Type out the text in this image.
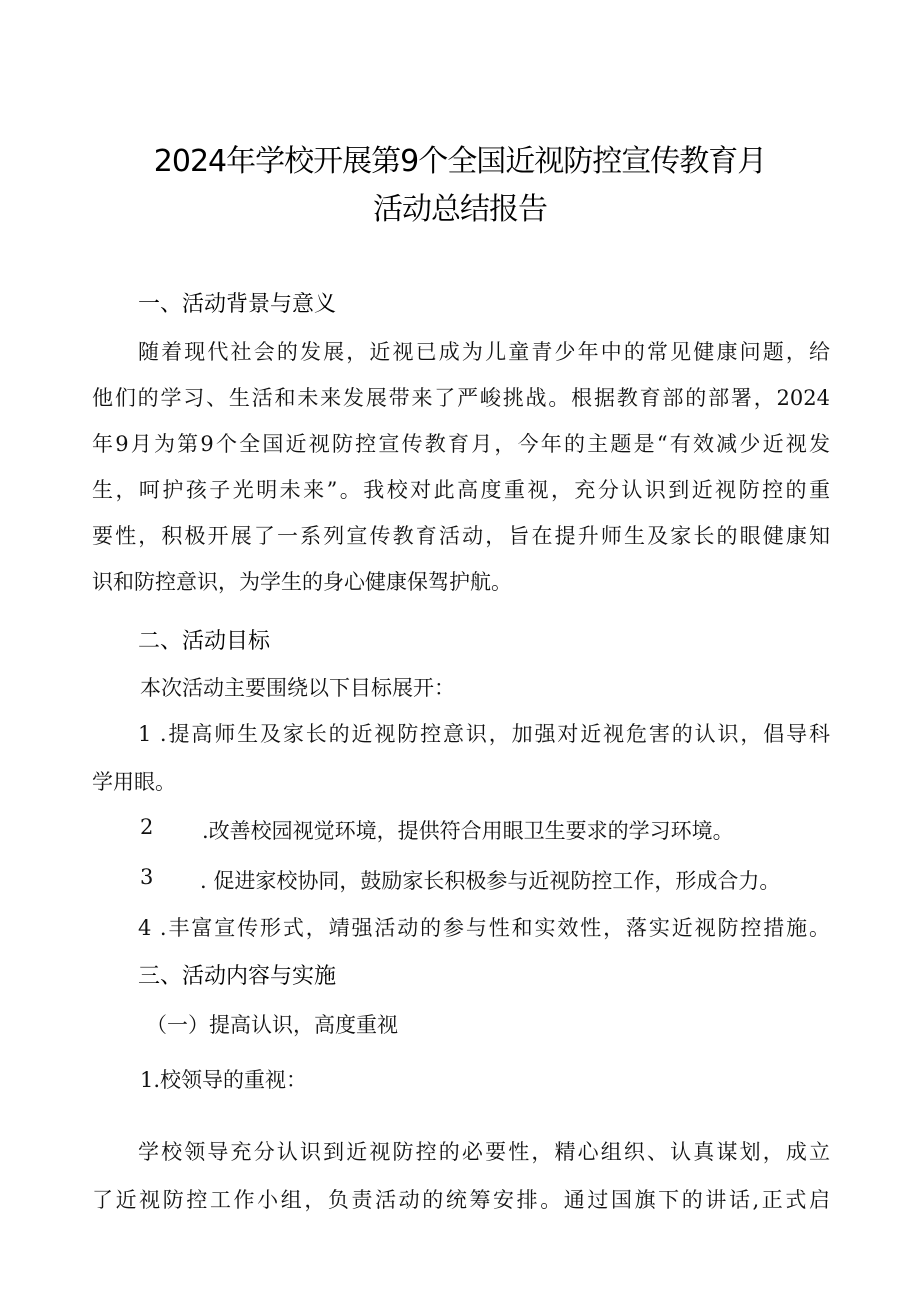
2024年学校开展第9个全国近视防控宣传教育月
活动总结报告
一、活动背景与意义
随着现代社会的发展，近视已成为儿童青少年中的常见健康问题，给
他们的学习、生活和未来发展带来了严峻挑战。根据教育部的部署，2024
年9月为第9个全国近视防控宣传教育月，今年的主题是“有效减少近视发
生，呵护孩子光明未来”。我校对此高度重视，充分认识到近视防控的重
要性，积极开展了一系列宣传教育活动，旨在提升师生及家长的眼健康知
识和防控意识，为学生的身心健康保驾护航。
二、活动目标
本次活动主要围绕以下目标展开：
1 .提高师生及家长的近视防控意识，加强对近视危害的认识，倡导科
学用眼。
2 .改善校园视觉环境，提供符合用眼卫生要求的学习环境。
3 . 促进家校协同，鼓励家长积极参与近视防控工作，形成合力。
4 .丰富宣传形式，靖强活动的参与性和实效性，落实近视防控措施。
三、活动内容与实施
（一）提高认识，高度重视
1.校领导的重视：
学校领导充分认识到近视防控的必要性，精心组织、认真谋划，成立
了近视防控工作小组，负责活动的统筹安排。通过国旗下的讲话,正式启
